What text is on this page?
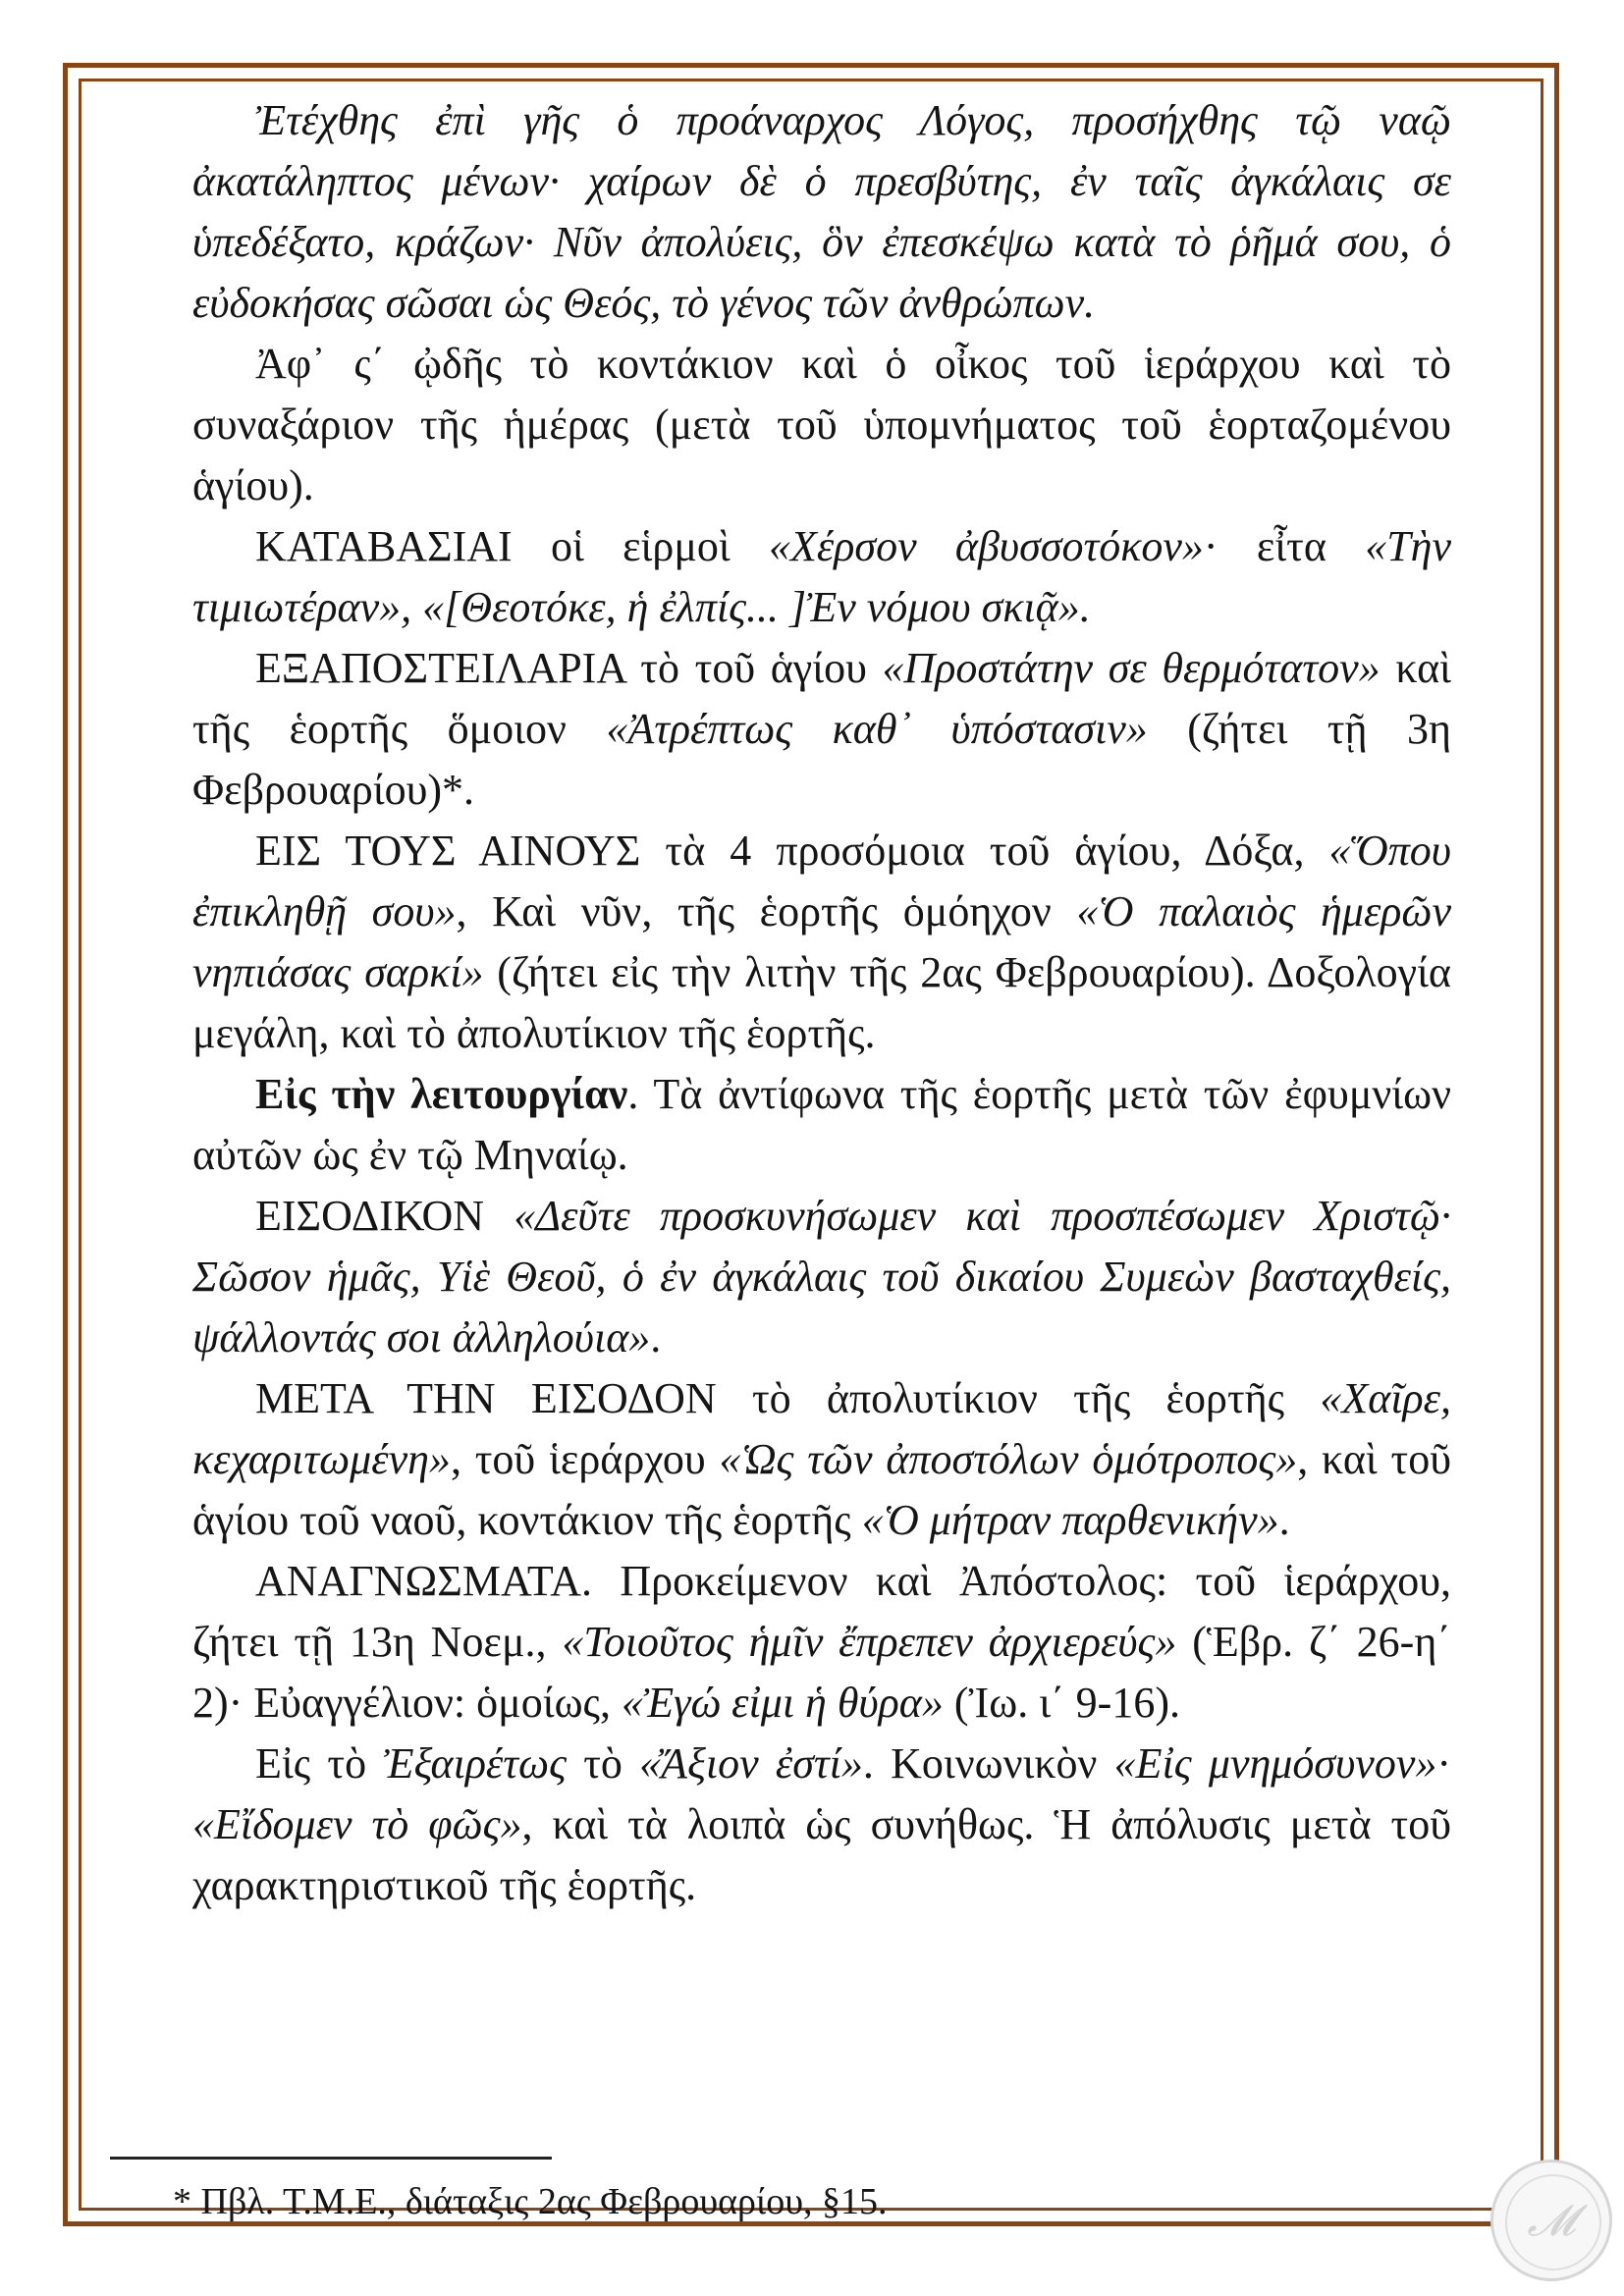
Ἐτέχθης ἐπὶ γῆς ὁ προάναρχος Λόγος, προσήχθης τῷ ναῷ ἀκατάληπτος μένων· χαίρων δὲ ὁ πρεσβύτης, ἐν ταῖς ἀγκάλαις σε ὑπεδέξατο, κράζων· Νῦν ἀπολύεις, ὃν ἐπεσκέψω κατὰ τὸ ῥῆμά σου, ὁ εὐδοκήσας σῶσαι ὡς Θεός, τὸ γένος τῶν ἀνθρώπων.

Ἀφ᾽ ς΄ ᾠδῆς τὸ κοντάκιον καὶ ὁ οἶκος τοῦ ἱεράρχου καὶ τὸ συναξάριον τῆς ἡμέρας (μετὰ τοῦ ὑπομνήματος τοῦ ἑορταζομένου ἁγίου).

ΚΑΤΑΒΑΣΙΑΙ οἱ εἱρμοὶ «Χέρσον ἀβυσσοτόκον»· εἶτα «Τὴν τιμιωτέραν», «[Θεοτόκε, ἡ ἐλπίς... ]Ἐν νόμου σκιᾷ».

ΕΞΑΠΟΣΤΕΙΛΑΡΙΑ τὸ τοῦ ἁγίου «Προστάτην σε θερμότατον» καὶ τῆς ἑορτῆς ὅμοιον «Ἀτρέπτως καθ᾽ ὑπόστασιν» (ζήτει τῇ 3η Φεβρουαρίου)*.

ΕΙΣ ΤΟΥΣ ΑΙΝΟΥΣ τὰ 4 προσόμοια τοῦ ἁγίου, Δόξα, «Ὅπου ἐπικληθῇ σου», Καὶ νῦν, τῆς ἑορτῆς ὁμόηχον «Ὁ παλαιὸς ἡμερῶν νηπιάσας σαρκί» (ζήτει εἰς τὴν λιτὴν τῆς 2ας Φεβρουαρίου). Δοξολογία μεγάλη, καὶ τὸ ἀπολυτίκιον τῆς ἑορτῆς.

Εἰς τὴν λειτουργίαν. Τὰ ἀντίφωνα τῆς ἑορτῆς μετὰ τῶν ἐφυμνίων αὐτῶν ὡς ἐν τῷ Μηναίῳ.

ΕΙΣΟΔΙΚΟΝ «Δεῦτε προσκυνήσωμεν καὶ προσπέσωμεν Χριστῷ· Σῶσον ἡμᾶς, Υἱὲ Θεοῦ, ὁ ἐν ἀγκάλαις τοῦ δικαίου Συμεὼν βασταχθείς, ψάλλοντάς σοι ἀλληλούια».

ΜΕΤΑ ΤΗΝ ΕΙΣΟΔΟΝ τὸ ἀπολυτίκιον τῆς ἑορτῆς «Χαῖρε, κεχαριτωμένη», τοῦ ἱεράρχου «Ὡς τῶν ἀποστόλων ὁμότροπος», καὶ τοῦ ἁγίου τοῦ ναοῦ, κοντάκιον τῆς ἑορτῆς «Ὁ μήτραν παρθενικήν».

ΑΝΑΓΝΩΣΜΑΤΑ. Προκείμενον καὶ Ἀπόστολος: τοῦ ἱεράρχου, ζήτει τῇ 13η Νοεμ., «Τοιοῦτος ἡμῖν ἔπρεπεν ἀρχιερεύς» (Ἑβρ. ζ΄ 26-η΄ 2)· Εὐαγγέλιον: ὁμοίως, «Ἐγώ εἰμι ἡ θύρα» (Ἰω. ι΄ 9-16).

Εἰς τὸ Ἐξαιρέτως τὸ «Ἄξιον ἐστί». Κοινωνικὸν «Εἰς μνημόσυνον»· «Εἴδομεν τὸ φῶς», καὶ τὰ λοιπὰ ὡς συνήθως. Ἡ ἀπόλυσις μετὰ τοῦ χαρακτηριστικοῦ τῆς ἑορτῆς.

* Πβλ. Τ.Μ.Ε., διάταξις 2ας Φεβρουαρίου, §15.	𝓜
